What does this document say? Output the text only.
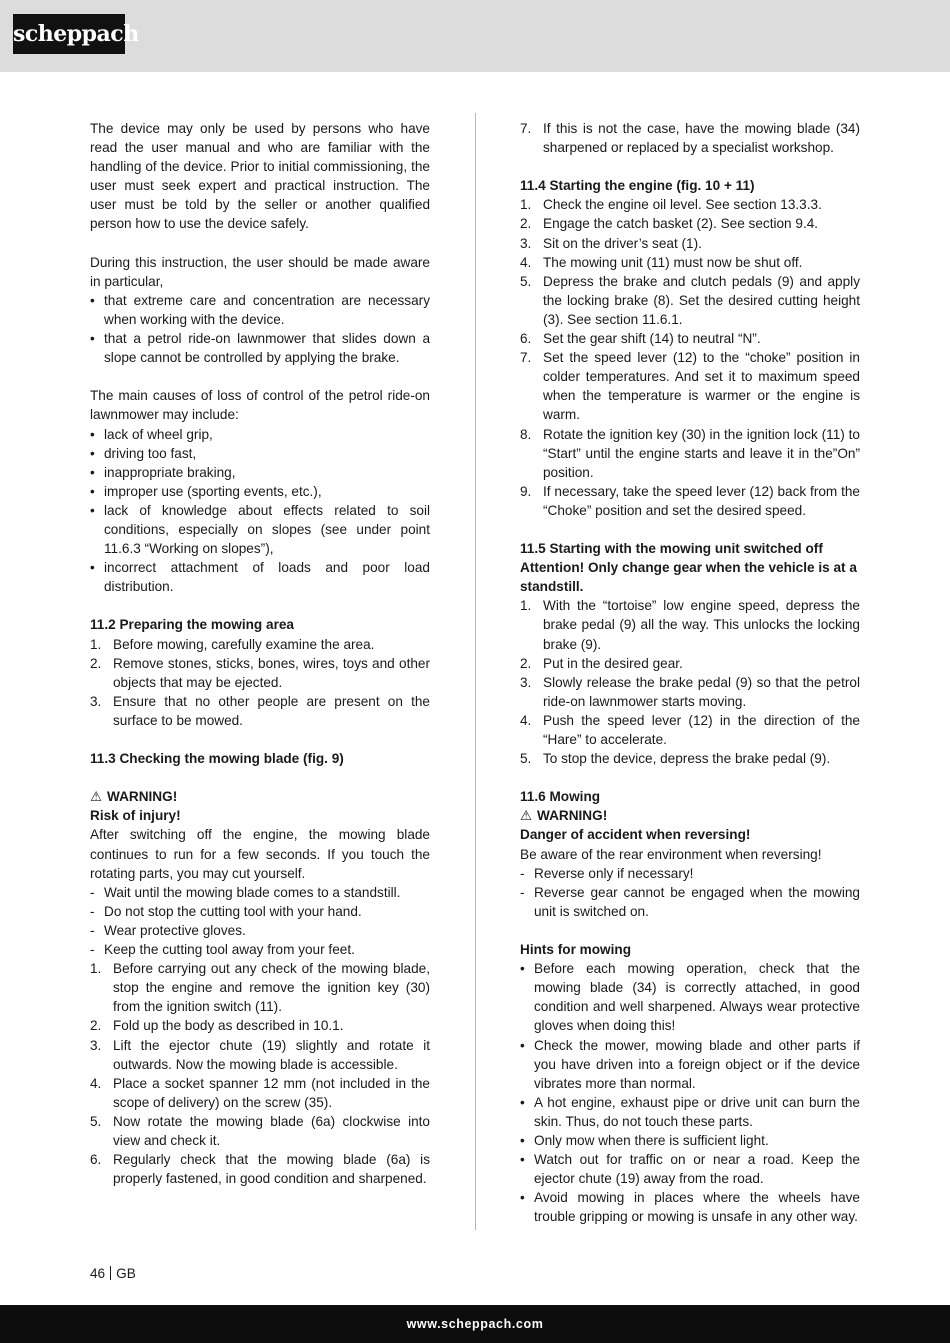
scheppach

The device may only be used by persons who have read the user manual and who are familiar with the handling of the device. Prior to initial commissioning, the user must seek expert and practical instruction. The user must be told by the seller or another qualified person how to use the device safely.

During this instruction, the user should be made aware in particular,

• that extreme care and concentration are necessary when working with the device.
• that a petrol ride-on lawnmower that slides down a slope cannot be controlled by applying the brake.

The main causes of loss of control of the petrol ride-on lawnmower may include:

• lack of wheel grip,
• driving too fast,
• inappropriate braking,
• improper use (sporting events, etc.),
• lack of knowledge about effects related to soil conditions, especially on slopes (see under point 11.6.3 “Working on slopes”),
• incorrect attachment of loads and poor load distribution.

11.2 Preparing the mowing area

1. Before mowing, carefully examine the area.
2. Remove stones, sticks, bones, wires, toys and other objects that may be ejected.
3. Ensure that no other people are present on the surface to be mowed.

11.3 Checking the mowing blade (fig. 9)

⚠ WARNING!

Risk of injury!

After switching off the engine, the mowing blade continues to run for a few seconds. If you touch the rotating parts, you may cut yourself.

- Wait until the mowing blade comes to a standstill.
- Do not stop the cutting tool with your hand.
- Wear protective gloves.
- Keep the cutting tool away from your feet.
1. Before carrying out any check of the mowing blade, stop the engine and remove the ignition key (30) from the ignition switch (11).
2. Fold up the body as described in 10.1.
3. Lift the ejector chute (19) slightly and rotate it outwards. Now the mowing blade is accessible.
4. Place a socket spanner 12 mm (not included in the scope of delivery) on the screw (35).
5. Now rotate the mowing blade (6a) clockwise into view and check it.
6. Regularly check that the mowing blade (6a) is properly fastened, in good condition and sharpened.
7. If this is not the case, have the mowing blade (34) sharpened or replaced by a specialist workshop.

11.4 Starting the engine (fig. 10 + 11)

1. Check the engine oil level. See section 13.3.3.
2. Engage the catch basket (2). See section 9.4.
3. Sit on the driver’s seat (1).
4. The mowing unit (11) must now be shut off.
5. Depress the brake and clutch pedals (9) and apply the locking brake (8). Set the desired cutting height (3). See section 11.6.1.
6. Set the gear shift (14) to neutral “N”.
7. Set the speed lever (12) to the “choke” position in colder temperatures. And set it to maximum speed when the temperature is warmer or the engine is warm.
8. Rotate the ignition key (30) in the ignition lock (11) to “Start” until the engine starts and leave it in the”On” position.
9. If necessary, take the speed lever (12) back from the “Choke” position and set the desired speed.

11.5 Starting with the mowing unit switched off

Attention! Only change gear when the vehicle is at a standstill.

1. With the “tortoise” low engine speed, depress the brake pedal (9) all the way. This unlocks the locking brake (9).
2. Put in the desired gear.
3. Slowly release the brake pedal (9) so that the petrol ride-on lawnmower starts moving.
4. Push the speed lever (12) in the direction of the “Hare” to accelerate.
5. To stop the device, depress the brake pedal (9).

11.6 Mowing

⚠ WARNING!

Danger of accident when reversing!

Be aware of the rear environment when reversing!

- Reverse only if necessary!
- Reverse gear cannot be engaged when the mowing unit is switched on.

Hints for mowing

• Before each mowing operation, check that the mowing blade (34) is correctly attached, in good condition and well sharpened. Always wear protective gloves when doing this!
• Check the mower, mowing blade and other parts if you have driven into a foreign object or if the device vibrates more than normal.
• A hot engine, exhaust pipe or drive unit can burn the skin. Thus, do not touch these parts.
• Only mow when there is sufficient light.
• Watch out for traffic on or near a road. Keep the ejector chute (19) away from the road.
• Avoid mowing in places where the wheels have trouble gripping or mowing is unsafe in any other way.
46 GB
www.scheppach.com
